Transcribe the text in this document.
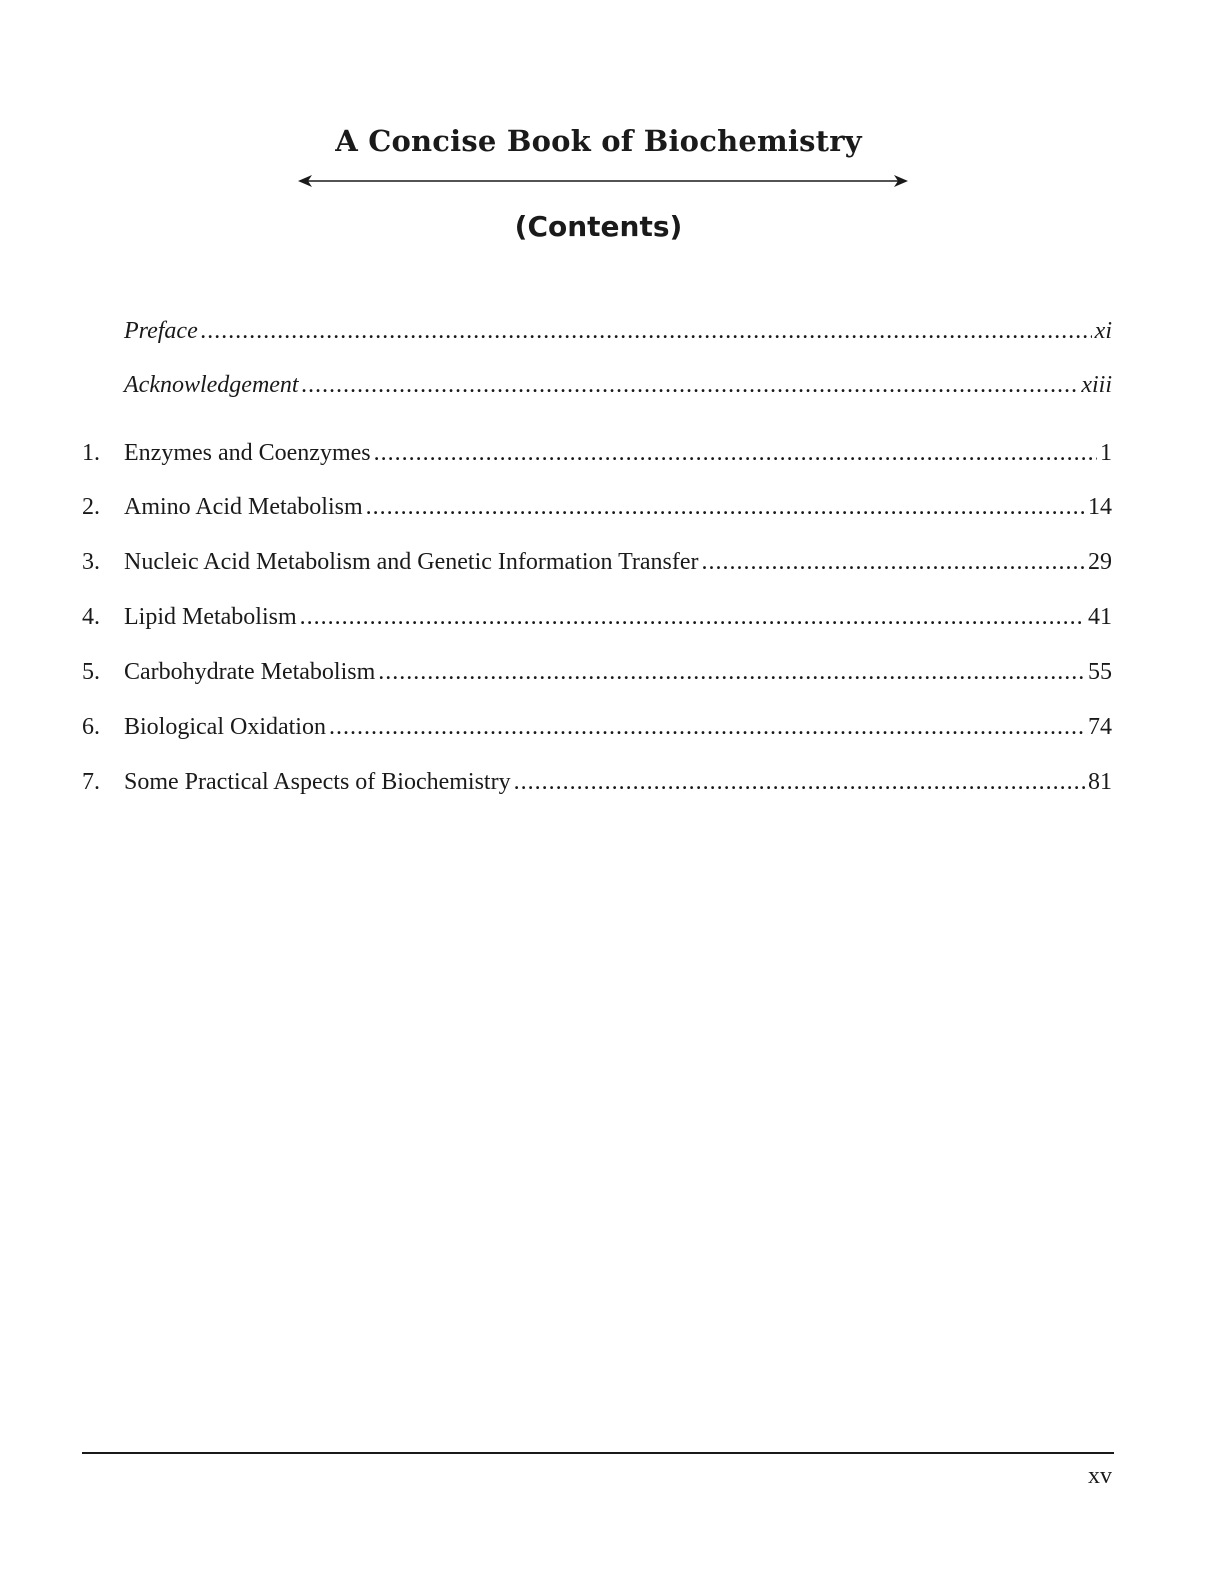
A Concise Book of Biochemistry
(Contents)
Preface .....	xi
Acknowledgement .....	xiii
1.	Enzymes and Coenzymes .....	1
2.	Amino Acid Metabolism .....	14
3.	Nucleic Acid Metabolism and Genetic Information Transfer .....	29
4.	Lipid Metabolism .....	41
5.	Carbohydrate Metabolism .....	55
6.	Biological Oxidation .....	74
7.	Some Practical Aspects of Biochemistry .....	81

xv
